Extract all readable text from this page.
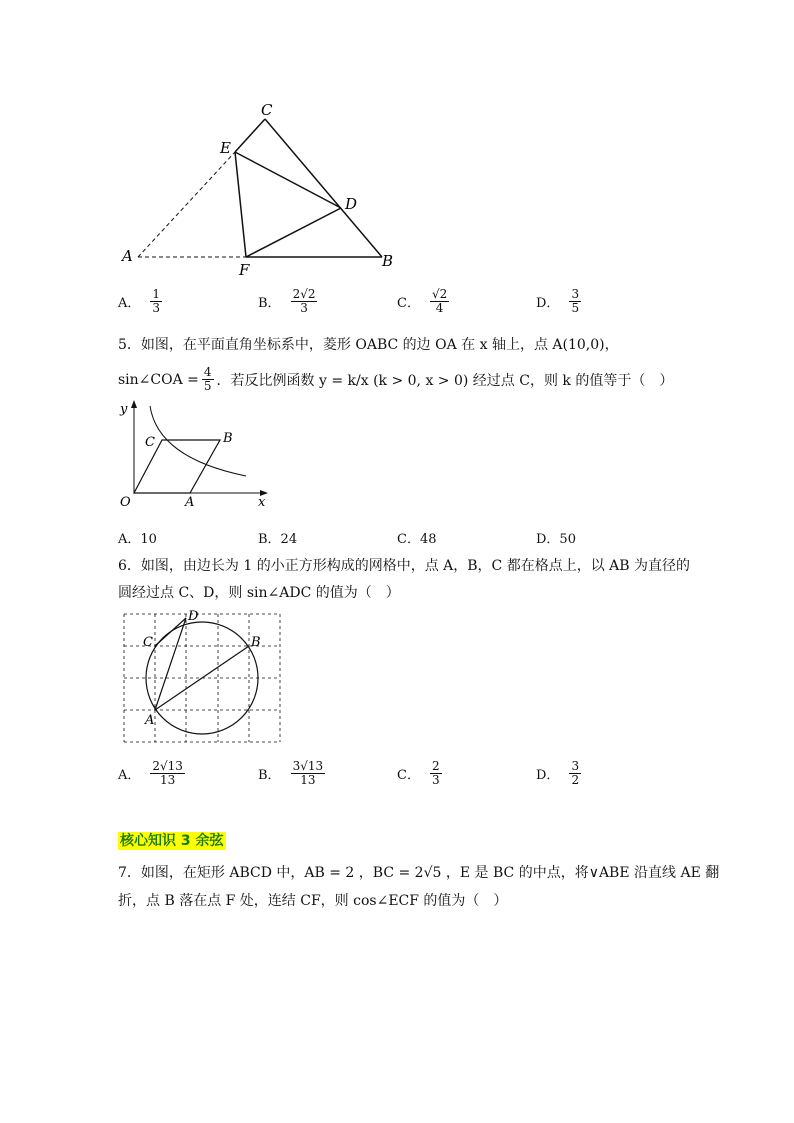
C
E
D
A
F	B
A． $\frac{1}{3}$	B． $\frac{2√2}{3}$	C． $\frac{√2}{4}$	D． $\frac{3}{5}$
5．如图，在平面直角坐标系中，菱形 OABC 的边 OA 在 x 轴上，点 A(10,0)，
sin∠COA = $\frac{4}{5}$ ．若反比例函数 y = k/x (k > 0, x > 0) 经过点 C，则 k 的值等于（　）
y
x
O	A
C	B
A．10	B．24	C．48	D．50
6．如图，由边长为 1 的小正方形构成的网格中，点 A，B，C 都在格点上，以 AB 为直径的
圆经过点 C、D，则 sin∠ADC 的值为（　）
D
C	B
A
A． $\frac{2√13}{13}$	B． $\frac{3√13}{13}$	C． $\frac{2}{3}$	D． $\frac{3}{2}$
核心知识 3 余弦
7．如图，在矩形 ABCD 中，AB = 2 ，BC = 2√5 ，E 是 BC 的中点，将∨ABE 沿直线 AE 翻
折，点 B 落在点 F 处，连结 CF，则 cos∠ECF 的值为（　）
